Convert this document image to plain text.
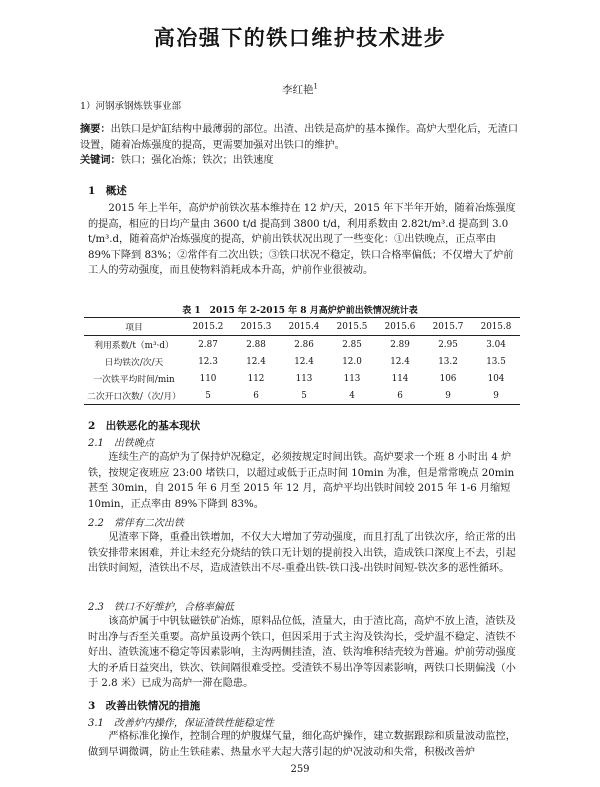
高冶强下的铁口维护技术进步
李红艳$^1$
1）河钢承钢炼铁事业部

摘要：出铁口是炉缸结构中最薄弱的部位。出渣、出铁是高炉的基本操作。高炉大型化后，无渣口设置，随着冶炼强度的提高，更需要加强对出铁口的维护。

关键词：铁口；强化冶炼；铁次；出铁速度

1　概述

2015 年上半年，高炉炉前铁次基本维持在 12 炉/天，2015 年下半年开始，随着冶炼强度的提高，相应的日均产量由 3600 t/d 提高到 3800 t/d，利用系数由 2.82t/m³.d 提高到 3.0 t/m³.d，随着高炉冶炼强度的提高，炉前出铁状况出现了一些变化：①出铁晚点，正点率由 89%下降到 83%；②常伴有二次出铁；③铁口状况不稳定，铁口合格率偏低；不仅增大了炉前工人的劳动强度，而且使物料消耗成本升高，炉前作业很被动。

表 1　2015 年 2-2015 年 8 月高炉炉前出铁情况统计表
项目	2015.2	2015.3	2015.4	2015.5	2015.6	2015.7	2015.8
利用系数/t（m³·d）	2.87	2.88	2.86	2.85	2.89	2.95	3.04
日均铁次/次/天	12.3	12.4	12.4	12.0	12.4	13.2	13.5
一次铁平均时间/min	110	112	113	113	114	106	104
二次开口次数/（次/月）	5	6	5	4	6	9	9
2　出铁恶化的基本现状
2.1　出铁晚点

连续生产的高炉为了保持炉况稳定，必须按规定时间出铁。高炉要求一个班 8 小时出 4 炉铁，按规定夜班应 23:00 堵铁口，以超过或低于正点时间 10min 为准，但是常常晚点 20min 甚至 30min，自 2015 年 6 月至 2015 年 12 月，高炉平均出铁时间较 2015 年 1-6 月缩短 10min，正点率由 89%下降到 83%。

2.2　常伴有二次出铁

见渣率下降，重叠出铁增加，不仅大大增加了劳动强度，而且打乱了出铁次序，给正常的出铁安排带来困难，并让未经充分烧结的铁口无计划的提前投入出铁，造成铁口深度上不去，引起出铁时间短，渣铁出不尽，造成渣铁出不尽-重叠出铁-铁口浅-出铁时间短-铁次多的恶性循环。

2.3　铁口不好维护，合格率偏低

该高炉属于中钒钛磁铁矿冶炼，原料品位低，渣量大，由于渣比高，高炉不放上渣，渣铁及时出净与否至关重要。高炉虽设两个铁口，但因采用于式主沟及铁沟长，受炉温不稳定、渣铁不好出、渣铁流速不稳定等因素影响，主沟两侧挂渣，渣、铁沟堆积结壳较为普遍。炉前劳动强度大的矛盾日益突出，铁次、铁间隔很难受控。受渣铁不易出净等因素影响，两铁口长期偏浅（小于 2.8 米）已成为高炉一滞在隐患。

3　改善出铁情况的措施
3.1　改善炉内操作，保证渣铁性能稳定性

严格标准化操作，控制合理的炉腹煤气量，细化高炉操作，建立数据跟踪和质量波动监控，做到早调微调，防止生铁硅素、热量水平大起大落引起的炉况波动和失常，积极改善炉

259
